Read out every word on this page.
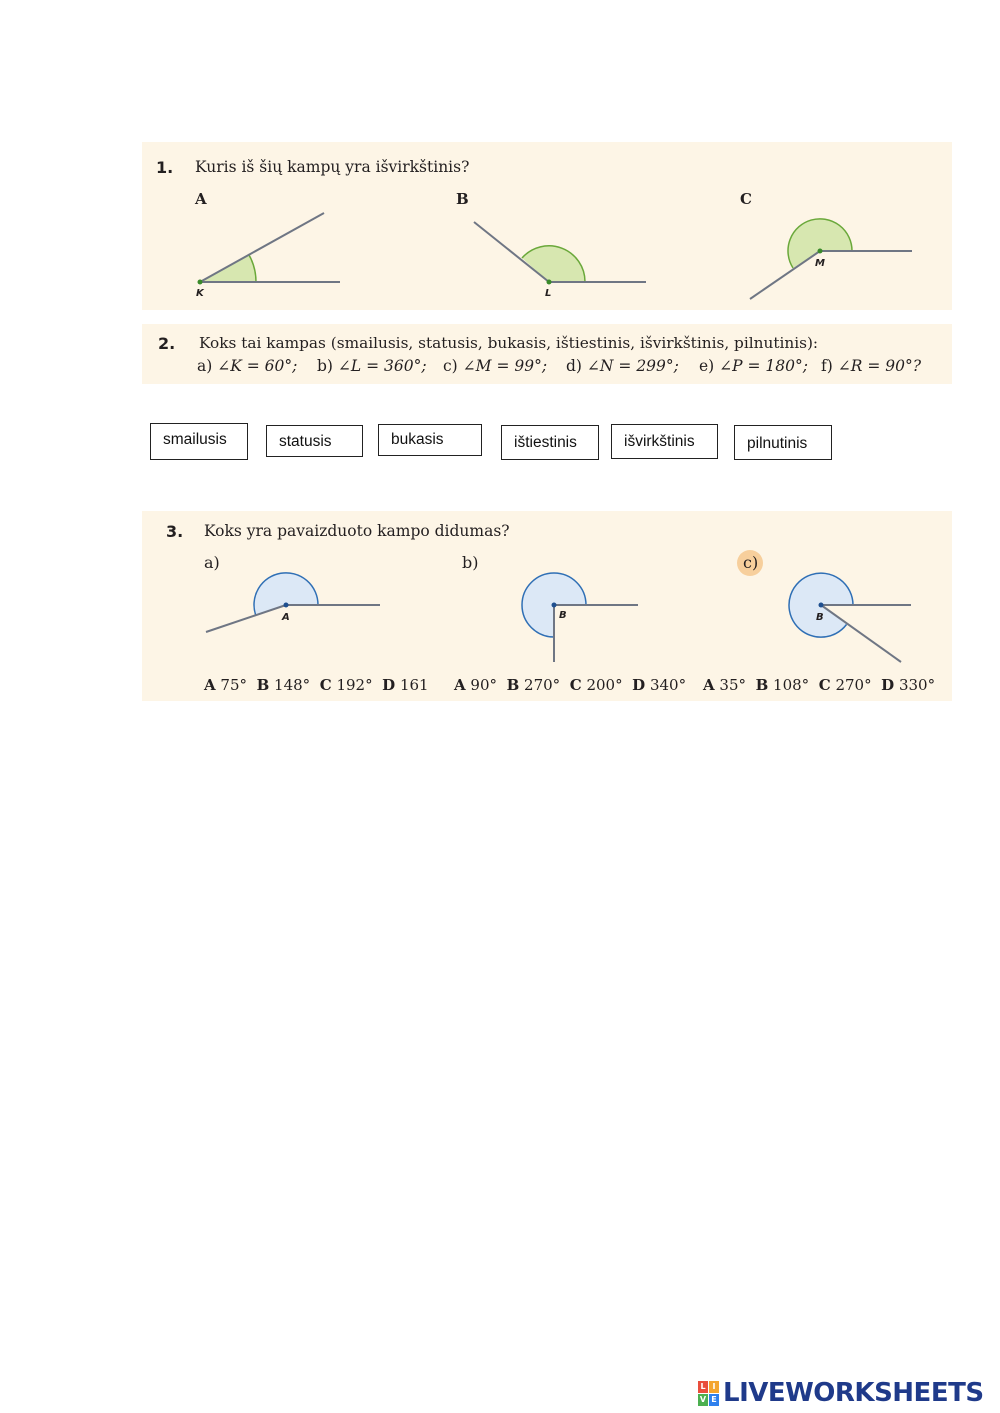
1. Kuris iš šių kampų yra išvirkštinis?
A	B	C
K	L
M
2. Koks tai kampas (smailusis, statusis, bukasis, ištiestinis, išvirkštinis, pilnutinis):
a) ∠K = 60°; b) ∠L = 360°; c) ∠M = 99°; d) ∠N = 299°; e) ∠P = 180°; f) ∠R = 90°?
smailusis	statusis	bukasis	ištiestinis	išvirkštinis	pilnutinis
3. Koks yra pavaizduoto kampo didumas?
a)	b)	c)
A	B	B
A 75° B 148° C 192° D 161 A 90° B 270° C 200° D 340° A 35° B 108° C 270° D 330°
L I
V E LIVEWORKSHEETS
